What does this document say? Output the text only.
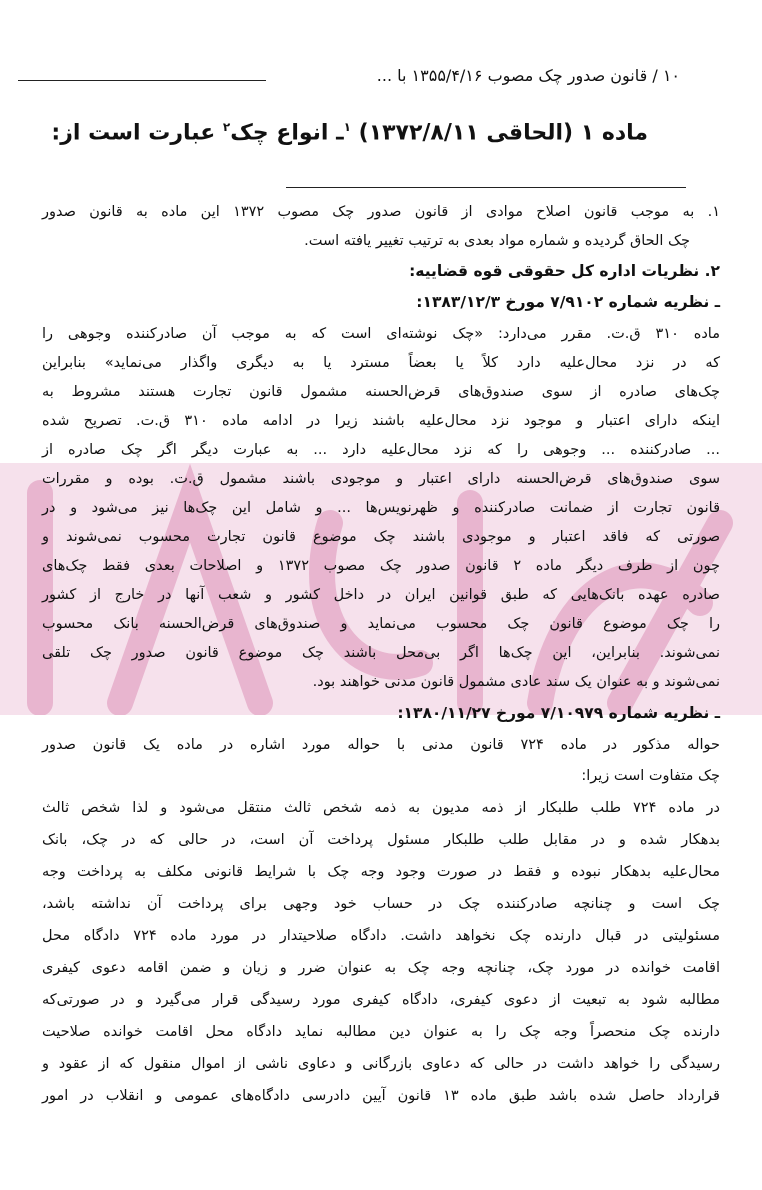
۱۰ / قانون صدور چک مصوب ۱۳۵۵/۴/۱۶ با ...
ماده ۱ (الحاقی ۱۳۷۲/۸/۱۱) $^۱$ـ انواع چک$^۲$ عبارت است از:
۱. به موجب قانون اصلاح موادی از قانون صدور چک مصوب ۱۳۷۲ این ماده به قانون صدور
چک الحاق گردیده و شماره مواد بعدی به ترتیب تغییر یافته است.
۲. نظریات اداره کل حقوقی قوه قضاییه:
ـ نظریه شماره ۷/۹۱۰۲ مورخ ۱۳۸۳/۱۲/۳:
ماده ۳۱۰ ق.ت. مقرر می‌دارد: «چک نوشته‌ای است که به موجب آن صادرکننده وجوهی را
که در نزد محال‌علیه دارد کلاً یا بعضاً مسترد یا به دیگری واگذار می‌نماید» بنابراین
چک‌های صادره از سوی صندوق‌های قرض‌الحسنه مشمول قانون تجارت هستند مشروط به
اینکه دارای اعتبار و موجود نزد محال‌علیه باشند زیرا در ادامه ماده ۳۱۰ ق.ت. تصریح شده
... صادرکننده ... وجوهی را که نزد محال‌علیه دارد ... به عبارت دیگر اگر چک صادره از
سوی صندوق‌های قرض‌الحسنه دارای اعتبار و موجودی باشند مشمول ق.ت. بوده و مقررات
قانون تجارت از ضمانت صادرکننده و ظهرنویس‌ها ... و شامل این چک‌ها نیز می‌شود و در
صورتی که فاقد اعتبار و موجودی باشند چک موضوع قانون تجارت محسوب نمی‌شوند و
چون از طرف دیگر ماده ۲ قانون صدور چک مصوب ۱۳۷۲ و اصلاحات بعدی فقط چک‌های
صادره عهده بانک‌هایی که طبق قوانین ایران در داخل کشور و شعب آنها در خارج از کشور
را چک موضوع قانون چک محسوب می‌نماید و صندوق‌های قرض‌الحسنه بانک محسوب
نمی‌شوند. بنابراین، این چک‌ها اگر بی‌محل باشند چک موضوع قانون صدور چک تلقی
نمی‌شوند و به عنوان یک سند عادی مشمول قانون مدنی خواهند بود.
ـ نظریه شماره ۷/۱۰۹۷۹ مورخ ۱۳۸۰/۱۱/۲۷:
حواله مذکور در ماده ۷۲۴ قانون مدنی با حواله مورد اشاره در ماده یک قانون صدور
چک متفاوت است زیرا:
در ماده ۷۲۴ طلب طلبکار از ذمه مدیون به ذمه شخص ثالث منتقل می‌شود و لذا شخص ثالث
بدهکار شده و در مقابل طلب طلبکار مسئول پرداخت آن است، در حالی که در چک، بانک
محال‌علیه بدهکار نبوده و فقط در صورت وجود وجه چک با شرایط قانونی مکلف به پرداخت وجه
چک است و چنانچه صادرکننده چک در حساب خود وجهی برای پرداخت آن نداشته باشد،
مسئولیتی در قبال دارنده چک نخواهد داشت. دادگاه صلاحیتدار در مورد ماده ۷۲۴ دادگاه محل
اقامت خوانده در مورد چک، چنانچه وجه چک به عنوان ضرر و زیان و ضمن اقامه دعوی کیفری
مطالبه شود به تبعیت از دعوی کیفری، دادگاه کیفری مورد رسیدگی قرار می‌گیرد و در صورتی‌که
دارنده چک منحصراً وجه چک را به عنوان دین مطالبه نماید دادگاه محل اقامت خوانده صلاحیت
رسیدگی را خواهد داشت در حالی که دعاوی بازرگانی و دعاوی ناشی از اموال منقول که از عقود و
قرارداد حاصل شده باشد طبق ماده ۱۳ قانون آیین دادرسی دادگاه‌های عمومی و انقلاب در امور
